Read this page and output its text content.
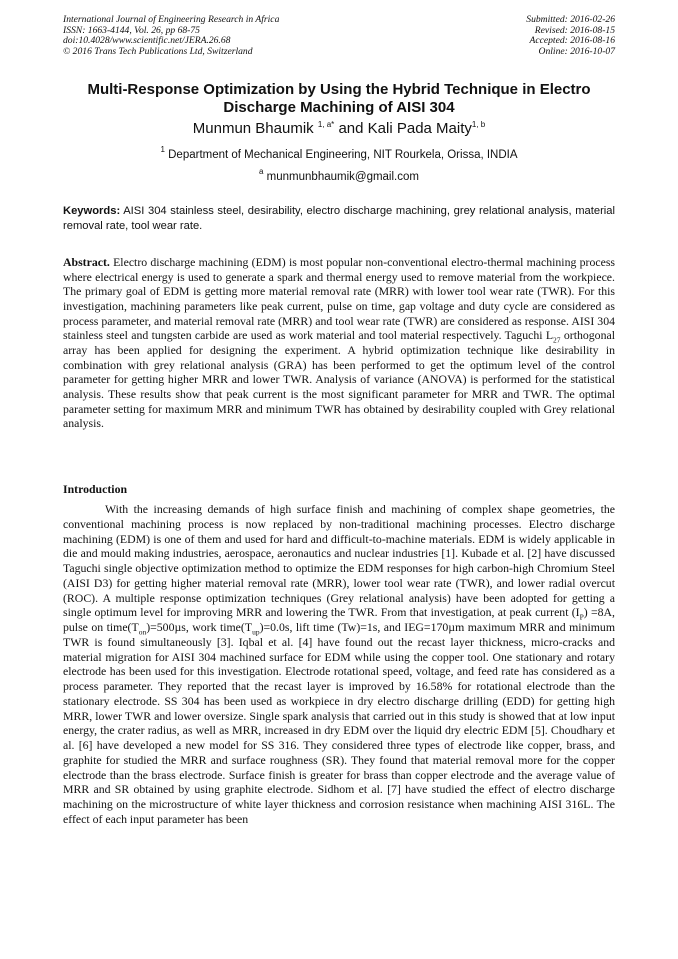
International Journal of Engineering Research in Africa
ISSN: 1663-4144, Vol. 26, pp 68-75
doi:10.4028/www.scientific.net/JERA.26.68
© 2016 Trans Tech Publications Ltd, Switzerland
Submitted: 2016-02-26
Revised: 2016-08-15
Accepted: 2016-08-16
Online: 2016-10-07
Multi-Response Optimization by Using the Hybrid Technique in Electro Discharge Machining of AISI 304
Munmun Bhaumik $^{1, a*}$ and Kali Pada Maity$^{1, b}$
$^1$ Department of Mechanical Engineering, NIT Rourkela, Orissa, INDIA
$^a$ munmunbhaumik@gmail.com
Keywords: AISI 304 stainless steel, desirability, electro discharge machining, grey relational analysis, material removal rate, tool wear rate.
Abstract. Electro discharge machining (EDM) is most popular non-conventional electro-thermal machining process where electrical energy is used to generate a spark and thermal energy used to remove material from the workpiece. The primary goal of EDM is getting more material removal rate (MRR) with lower tool wear rate (TWR). For this investigation, machining parameters like peak current, pulse on time, gap voltage and duty cycle are considered as process parameter, and material removal rate (MRR) and tool wear rate (TWR) are considered as response. AISI 304 stainless steel and tungsten carbide are used as work material and tool material respectively. Taguchi $L_{27}$ orthogonal array has been applied for designing the experiment. A hybrid optimization technique like desirability in combination with grey relational analysis (GRA) has been performed to get the optimum level of the control parameter for getting higher MRR and lower TWR. Analysis of variance (ANOVA) is performed for the statistical analysis. These results show that peak current is the most significant parameter for MRR and TWR. The optimal parameter setting for maximum MRR and minimum TWR has obtained by desirability coupled with Grey relational analysis.
Introduction
With the increasing demands of high surface finish and machining of complex shape geometries, the conventional machining process is now replaced by non-traditional machining processes. Electro discharge machining (EDM) is one of them and used for hard and difficult-to-machine materials. EDM is widely applicable in die and mould making industries, aerospace, aeronautics and nuclear industries [1]. Kubade et al. [2] have discussed Taguchi single objective optimization method to optimize the EDM responses for high carbon-high Chromium Steel (AISI D3) for getting higher material removal rate (MRR), lower tool wear rate (TWR), and lower radial overcut (ROC). A multiple response optimization techniques (Grey relational analysis) have been adopted for getting a single optimum level for improving MRR and lowering the TWR. From that investigation, at peak current $(I_P) =8A$, pulse on $time(T_{on})=500\mu s$, work $time(T_{up})=0.0s$, lift time (Tw)=1s, and IEG=170µm maximum MRR and minimum TWR is found simultaneously [3]. Iqbal et al. [4] have found out the recast layer thickness, micro-cracks and material migration for AISI 304 machined surface for EDM while using the copper tool. One stationary and rotary electrode has been used for this investigation. Electrode rotational speed, voltage, and feed rate has considered as a process parameter. They reported that the recast layer is improved by 16.58% for rotational electrode than the stationary electrode. SS 304 has been used as workpiece in dry electro discharge drilling (EDD) for getting high MRR, lower TWR and lower oversize. Single spark analysis that carried out in this study is showed that at low input energy, the crater radius, as well as MRR, increased in dry EDM over the liquid dry electric EDM [5]. Choudhary et al. [6] have developed a new model for SS 316. They considered three types of electrode like copper, brass, and graphite for studied the MRR and surface roughness (SR). They found that material removal more for the copper electrode than the brass electrode. Surface finish is greater for brass than copper electrode and the average value of MRR and SR obtained by using graphite electrode. Sidhom et al. [7] have studied the effect of electro discharge machining on the microstructure of white layer thickness and corrosion resistance when machining AISI 316L. The effect of each input parameter has been
